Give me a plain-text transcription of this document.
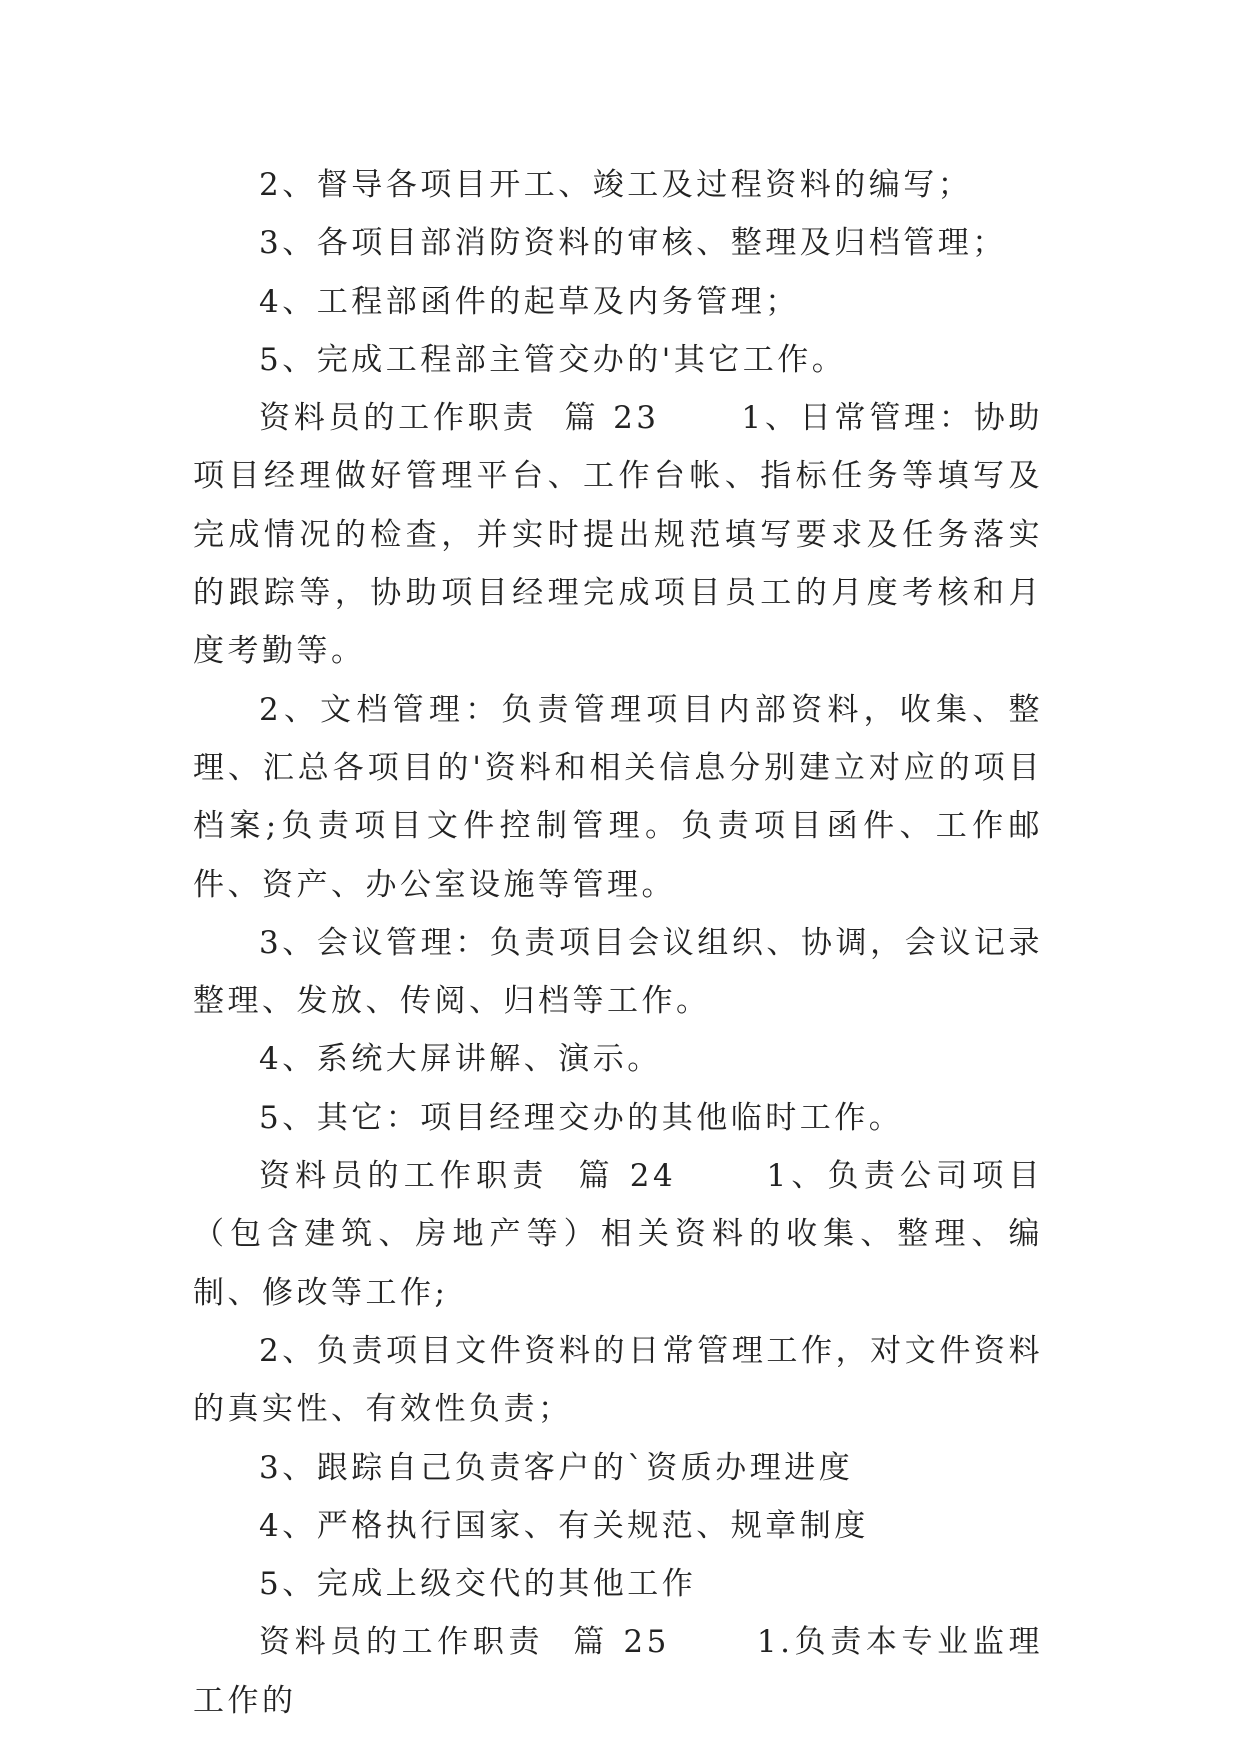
2、督导各项目开工、竣工及过程资料的编写；

3、各项目部消防资料的审核、整理及归档管理；

4、工程部函件的起草及内务管理；

5、完成工程部主管交办的'其它工作。

资料员的工作职责  篇 23      1、日常管理：协助项目经理做好管理平台、工作台帐、指标任务等填写及完成情况的检查，并实时提出规范填写要求及任务落实的跟踪等，协助项目经理完成项目员工的月度考核和月度考勤等。

2、文档管理：负责管理项目内部资料，收集、整理、汇总各项目的'资料和相关信息分别建立对应的项目档案;负责项目文件控制管理。负责项目函件、工作邮件、资产、办公室设施等管理。

3、会议管理：负责项目会议组织、协调，会议记录整理、发放、传阅、归档等工作。

4、系统大屏讲解、演示。

5、其它：项目经理交办的其他临时工作。

资料员的工作职责  篇 24      1、负责公司项目（包含建筑、房地产等）相关资料的收集、整理、编制、修改等工作;

2、负责项目文件资料的日常管理工作，对文件资料的真实性、有效性负责；

3、跟踪自己负责客户的`资质办理进度

4、严格执行国家、有关规范、规章制度

5、完成上级交代的其他工作

资料员的工作职责  篇 25      1.负责本专业监理工作的
